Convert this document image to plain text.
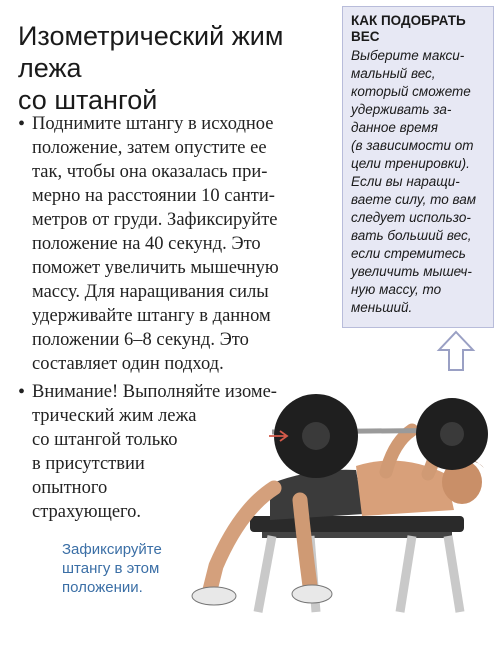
Изометрический жим
лежа
со штангой
• Поднимите штангу в исходное
положение, затем опустите ее
так, чтобы она оказалась при-
мерно на расстоянии 10 санти-
метров от груди. Зафиксируйте
положение на 40 секунд. Это
поможет увеличить мышечную
массу. Для наращивания силы
удерживайте штангу в данном
положении 6–8 секунд. Это
составляет один подход.
• Внимание! Выполняйте изоме-
трический жим лежа
со штангой только
в присутствии
опытного
страхующего.
КАК ПОДОБРАТЬ
ВЕС
Выберите макси-
мальный вес,
который сможете
удерживать за-
данное время
(в зависимости от
цели тренировки).
Если вы наращи-
ваете силу, то вам
следует использо-
вать больший вес,
если стремитесь
увеличить мышеч-
ную массу, то
меньший.
Зафиксируйте
штангу в этом
положении.
